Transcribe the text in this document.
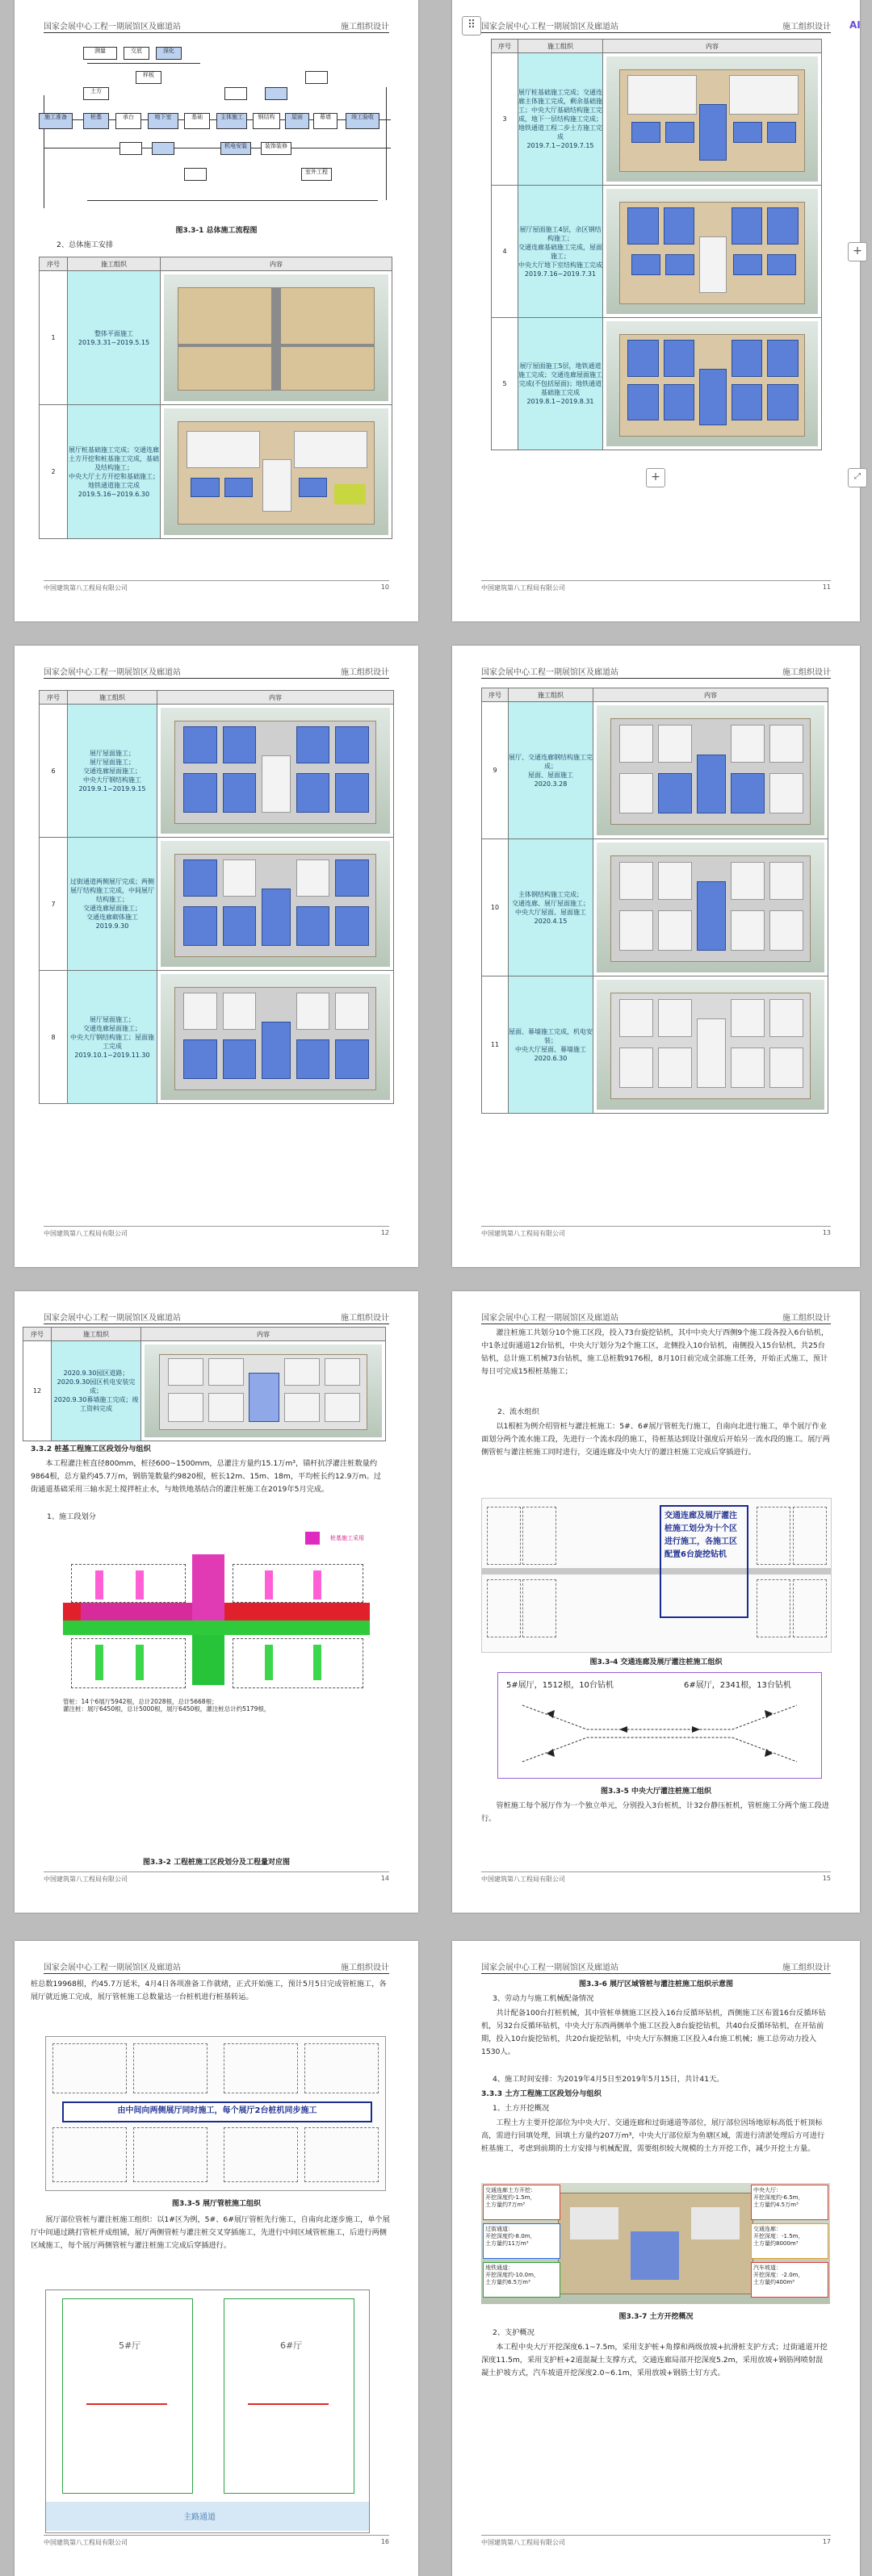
国家会展中心工程一期展馆区及廊道站	施工组织设计
施工准备
测量	交底	深化
样板
土方
桩基	承台	地下室	基础	主体施工	钢结构	屋面	幕墙
机电安装	装饰装修
室外工程
竣工验收
图3.3-1 总体施工流程图
2、总体施工安排
序号	施工组织	内容
1	整体平面施工
2019.3.31~2019.5.15	

2	展厅桩基础施工完成；交通连廊土方开挖和桩基施工完成，基础及结构施工；
中央大厅土方开挖和基础施工；
地铁通道施工完成
2019.5.16~2019.6.30	
中国建筑第八工程局有限公司	10
国家会展中心工程一期展馆区及廊道站	施工组织设计
序号	施工组织	内容
3	展厅桩基础施工完成；交通连廊主体施工完成，剩余基础施工；中央大厅基础结构施工完成，地下一层结构施工完成；
地铁通道工程二步土方施工完成
2019.7.1~2019.7.15	

4	展厅屋面施工4层，余区钢结构施工；
交通连廊基础施工完成，屋面施工；
中央大厅地下室结构施工完成
2019.7.16~2019.7.31	

5	展厅屋面施工5层，地铁通道施工完成；交通连廊屋面施工完成(不包括屋面)；地铁通道基础施工完成
2019.8.1~2019.8.31	
+
中国建筑第八工程局有限公司	11
⠿
+
⤢
AI
国家会展中心工程一期展馆区及廊道站	施工组织设计
序号	施工组织	内容
6	展厅屋面施工；
展厅屋面施工；
交通连廊屋面施工；
中央大厅钢结构施工
2019.9.1~2019.9.15	

7	过街通道两侧展厅完成；两侧展厅结构施工完成，中间展厅结构施工；
交通连廊屋面施工；
交通连廊砌体施工
2019.9.30	

8	展厅屋面施工；
交通连廊屋面施工；
中央大厅钢结构施工；屋面施工完成
2019.10.1~2019.11.30	
中国建筑第八工程局有限公司	12
国家会展中心工程一期展馆区及廊道站	施工组织设计
序号	施工组织	内容
9	展厅、交通连廊钢结构施工完成；
屋面、屋面施工
2020.3.28	

10	主体钢结构施工完成；
交通连廊、展厅屋面施工；
中央大厅屋面、屋面施工
2020.4.15	

11	屋面、幕墙施工完成，机电安装；
中央大厅屋面、幕墙施工
2020.6.30	
中国建筑第八工程局有限公司	13
国家会展中心工程一期展馆区及廊道站	施工组织设计
序号	施工组织	内容
12	2020.9.30园区道路；
2020.9.30园区机电安装完成；
2020.9.30幕墙施工完成；竣工资料完成	
3.3.2 桩基工程施工区段划分与组织
本工程灌注桩直径800mm，桩径600~1500mm，总灌注方量约15.1万m³，锚杆抗浮灌注桩数量约9864根，总方量约45.7万m，钢筋笼数量约9820根，桩长12m、15m、18m，平均桩长约12.9万m。过街通道基础采用三轴水泥土搅拌桩止水，与地铁地基结合的灌注桩施工在2019年5月完成。
1、施工段划分
桩基施工采用
管桩：14个6展厅5942根，总计2028根，总计5668根；
灌注桩：展厅6450根，总计5000根，展厅6450根，灌注桩总计约5179根，
图3.3-2 工程桩施工区段划分及工程量对应图
中国建筑第八工程局有限公司	14
国家会展中心工程一期展馆区及廊道站	施工组织设计
灌注桩施工共划分10个施工区段，投入73台旋挖钻机，其中中央大厅西侧9个施工段各投入6台钻机，中1条过街通道12台钻机，中央大厅划分为2个施工区，北侧投入10台钻机，南侧投入15台钻机，共25台钻机，总计施工机械73台钻机，施工总桩数9176根，8月10日前完成全部施工任务，开始正式施工，预计每日可完成15根桩基施工；
2、流水组织
以1根桩为例介绍管桩与灌注桩施工：5#、6#展厅管桩先行施工，自南向北进行施工，单个展厅作业面划分两个流水施工段，先进行一个流水段的施工，待桩基达到设计强度后开始另一流水段的施工。展厅两侧管桩与灌注桩施工同时进行，交通连廊及中央大厅的灌注桩施工完成后穿插进行。
交通连廊及展厅灌注桩施工划分为十个区进行施工，各施工区配置6台旋挖钻机
图3.3-4 交通连廊及展厅灌注桩施工组织
5#展厅，1512根，10台钻机	6#展厅，2341根，13台钻机
图3.3-5 中央大厅灌注桩施工组织
管桩施工每个展厅作为一个独立单元，分别投入3台桩机，计32台静压桩机，管桩施工分两个施工段进行。
中国建筑第八工程局有限公司	15
国家会展中心工程一期展馆区及廊道站	施工组织设计
桩总数19968根，约45.7万延米，4月4日各项准备工作就绪，正式开始施工，预计5月5日完成管桩施工，各展厅就近施工完成，展厅管桩施工总数量达一台桩机进行桩基转运。
由中间向两侧展厅同时施工，每个展厅2台桩机同步施工
图3.3-5 展厅管桩施工组织
展厅部位管桩与灌注桩施工组织：以1#区为例，5#、6#展厅管桩先行施工，自南向北逐步施工，单个展厅中间通过跳打管桩并成组铺，展厅两侧管桩与灌注桩交叉穿插施工，先进行中间区域管桩施工，后进行两侧区域施工，每个展厅两侧管桩与灌注桩施工完成后穿插进行。
5#厅	6#厅
主路通道
中国建筑第八工程局有限公司	16
国家会展中心工程一期展馆区及廊道站	施工组织设计
图3.3-6 展厅区域管桩与灌注桩施工组织示意图
3、劳动力与施工机械配备情况
共计配备100台打桩机械，其中管桩单侧施工区投入16台反循环钻机，西侧施工区布置16台反循环钻机，另32台反循环钻机，中央大厅东西两侧单个施工区投入8台旋挖钻机，共40台反循环钻机，在开钻前期，投入10台旋挖钻机，共20台旋挖钻机，中央大厅东侧施工区投入4台施工机械；施工总劳动力投入1530人。
4、施工时间安排：为2019年4月5日至2019年5月15日，共计41天。
3.3.3 土方工程施工区段划分与组织
1、土方开挖概况
工程土方主要开挖部位为中央大厅、交通连廊和过街通道等部位，展厅部位因场地原标高低于桩顶标高，需进行回填处理，回填土方量约207万m³，中央大厅部位原为鱼塘区域，需进行清淤处理后方可进行桩基施工，考虑到前期的土方安排与机械配置，需要组织较大规模的土方开挖工作，减少开挖土方量。
交通连廊土方开挖：
开挖深度约-1.5m，
土方量约7万m³
过街通道：
开挖深度约-8.0m，
土方量约11万m³
地铁通道：
开挖深度约-10.0m，
土方量约6.5万m³
中央大厅：
开挖深度约-6.5m，
土方量约4.5万m³
交通连廊：
开挖深度：-1.5m，
土方量约8000m³
汽车坡道：
开挖深度：-2.0m，
土方量约400m³
图3.3-7 土方开挖概况
2、支护概况
本工程中央大厅开挖深度6.1~7.5m，采用支护桩+角撑和两级放坡+抗滑桩支护方式；过街通道开挖深度11.5m，采用支护桩+2道混凝土支撑方式，交通连廊局部开挖深度5.2m，采用放坡+钢筋网喷射混凝土护坡方式，汽车坡道开挖深度2.0~6.1m，采用放坡+钢筋土钉方式。
中国建筑第八工程局有限公司	17
